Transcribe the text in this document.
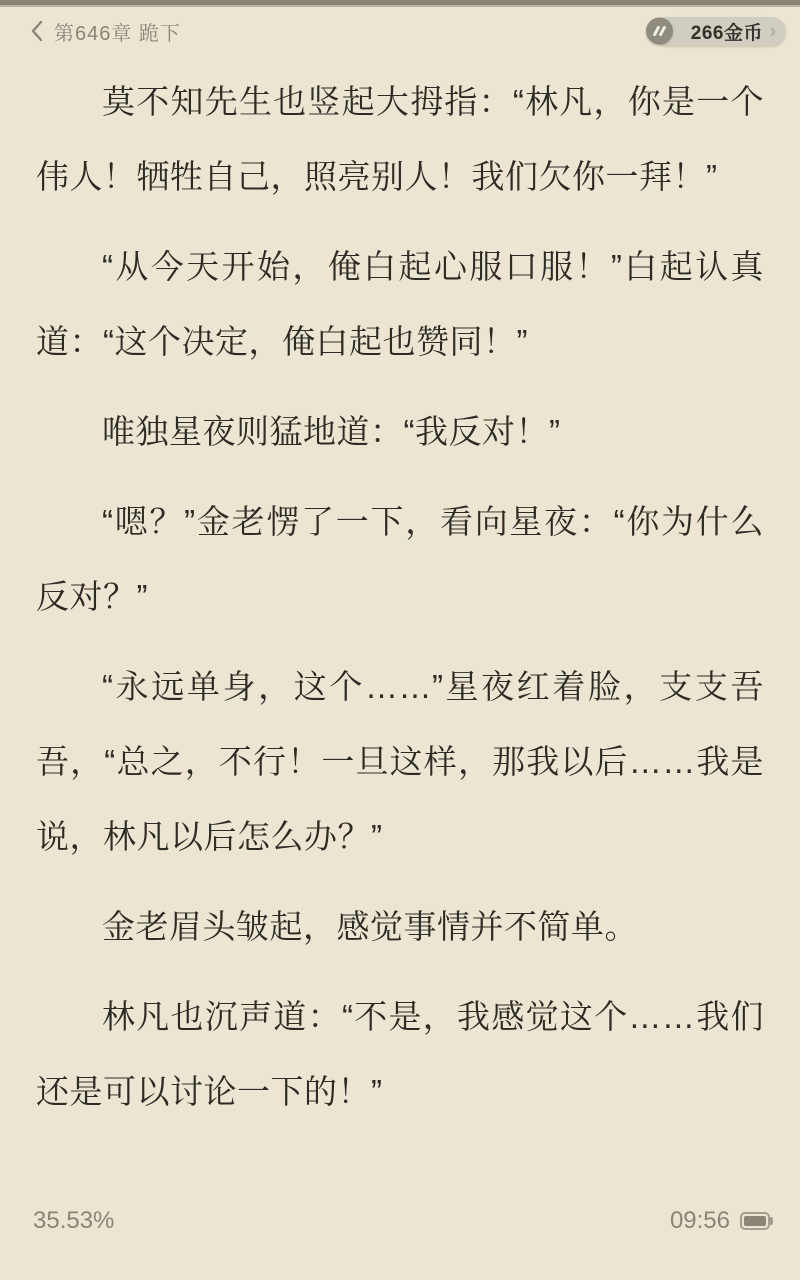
第646章 跪下	266金币 ›

莫不知先生也竖起大拇指：“林凡，你是一个伟人！牺牲自己，照亮别人！我们欠你一拜！”

“从今天开始，俺白起心服口服！”白起认真道：“这个决定，俺白起也赞同！”

唯独星夜则猛地道：“我反对！”

“嗯？”金老愣了一下，看向星夜：“你为什么反对？”

“永远单身，这个……”星夜红着脸，支支吾吾，“总之，不行！一旦这样，那我以后……我是说，林凡以后怎么办？”

金老眉头皱起，感觉事情并不简单。

林凡也沉声道：“不是，我感觉这个……我们还是可以讨论一下的！”

35.53%	09:56
